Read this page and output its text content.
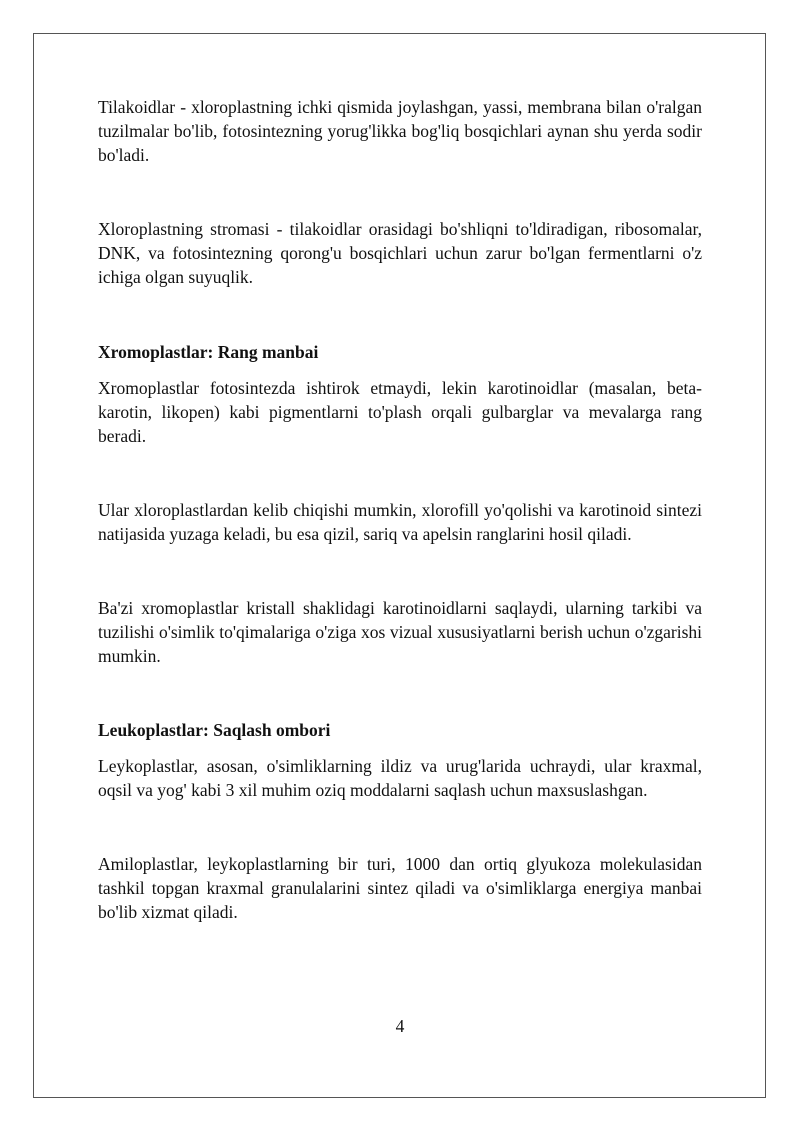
Tilakoidlar - xloroplastning ichki qismida joylashgan, yassi, membrana bilan o'ralgan tuzilmalar bo'lib, fotosintezning yorug'likka bog'liq bosqichlari aynan shu yerda sodir bo'ladi.

Xloroplastning stromasi - tilakoidlar orasidagi bo'shliqni to'ldiradigan, ribosomalar, DNK, va fotosintezning qorong'u bosqichlari uchun zarur bo'lgan fermentlarni o'z ichiga olgan suyuqlik.

Xromoplastlar: Rang manbai

Xromoplastlar fotosintezda ishtirok etmaydi, lekin karotinoidlar (masalan, beta-karotin, likopen) kabi pigmentlarni to'plash orqali gulbarglar va mevalarga rang beradi.

Ular xloroplastlardan kelib chiqishi mumkin, xlorofill yo'qolishi va karotinoid sintezi natijasida yuzaga keladi, bu esa qizil, sariq va apelsin ranglarini hosil qiladi.

Ba'zi xromoplastlar kristall shaklidagi karotinoidlarni saqlaydi, ularning tarkibi va tuzilishi o'simlik to'qimalariga o'ziga xos vizual xususiyatlarni berish uchun o'zgarishi mumkin.

Leukoplastlar: Saqlash ombori

Leykoplastlar, asosan, o'simliklarning ildiz va urug'larida uchraydi, ular kraxmal, oqsil va yog' kabi 3 xil muhim oziq moddalarni saqlash uchun maxsuslashgan.

Amiloplastlar, leykoplastlarning bir turi, 1000 dan ortiq glyukoza molekulasidan tashkil topgan kraxmal granulalarini sintez qiladi va o'simliklarga energiya manbai bo'lib xizmat qiladi.

4
